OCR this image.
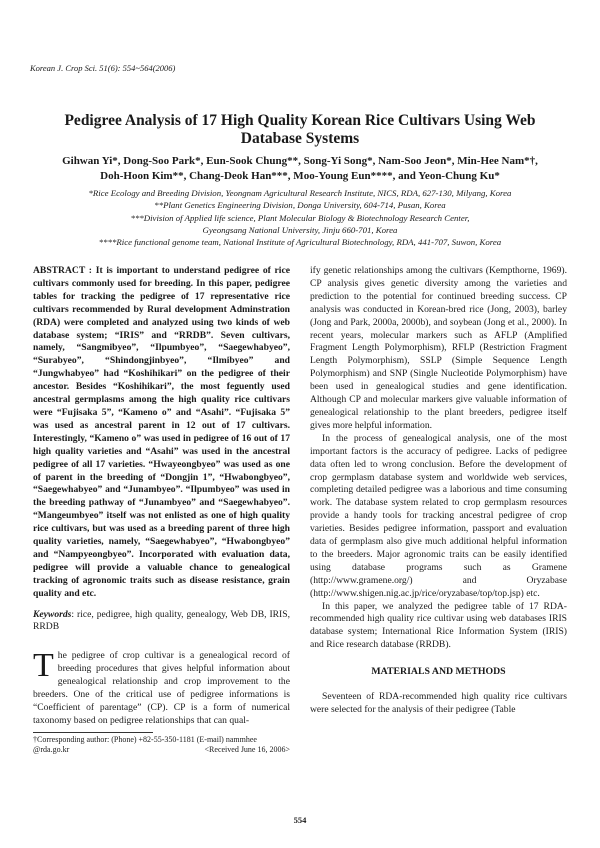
Korean J. Crop Sci. 51(6): 554~564(2006)
Pedigree Analysis of 17 High Quality Korean Rice Cultivars Using Web Database Systems
Gihwan Yi*, Dong-Soo Park*, Eun-Sook Chung**, Song-Yi Song*, Nam-Soo Jeon*, Min-Hee Nam*†, Doh-Hoon Kim**, Chang-Deok Han***, Moo-Young Eun****, and Yeon-Chung Ku*
*Rice Ecology and Breeding Division, Yeongnam Agricultural Research Institute, NICS, RDA, 627-130, Milyang, Korea
**Plant Genetics Engineering Division, Donga University, 604-714, Pusan, Korea
***Division of Applied life science, Plant Molecular Biology & Biotechnology Research Center,
Gyeongsang National University, Jinju 660-701, Korea
****Rice functional genome team, National Institute of Agricultural Biotechnology, RDA, 441-707, Suwon, Korea

ABSTRACT : It is important to understand pedigree of rice cultivars commonly used for breeding. In this paper, pedigree tables for tracking the pedigree of 17 representative rice cultivars recommended by Rural development Adminstration (RDA) were completed and analyzed using two kinds of web database system; “IRIS” and “RRDB”. Seven cultivars, namely, “Sangmibyeo”, “Ilpumbyeo”, “Saegewhabyeo”, “Surabyeo”, “Shindongjinbyeo”, “Ilmibyeo” and “Jungwhabyeo” had “Koshihikari” on the pedigree of their ancestor. Besides “Koshihikari”, the most feguently used ancestral germplasms among the high quality rice cultivars were “Fujisaka 5”, “Kameno o” and “Asahi”. “Fujisaka 5” was used as ancestral parent in 12 out of 17 cultivars. Interestingly, “Kameno o” was used in pedigree of 16 out of 17 high quality varieties and “Asahi” was used in the ancestral pedigree of all 17 varieties. “Hwayeongbyeo” was used as one of parent in the breeding of “Dongjin 1”, “Hwabongbyeo”, “Saegewhabyeo” and “Junambyeo”. “Ilpumbyeo” was used in the breeding pathway of “Junambyeo” and “Saegewhabyeo”. “Mangeumbyeo” itself was not enlisted as one of high quality rice cultivars, but was used as a breeding parent of three high quality varieties, namely, “Saegewhabyeo”, “Hwabongbyeo” and “Nampyeongbyeo”. Incorporated with evaluation data, pedigree will provide a valuable chance to genealogical tracking of agronomic traits such as disease resistance, grain quality and etc.

Keywords: rice, pedigree, high quality, genealogy, Web DB, IRIS, RRDB

The pedigree of crop cultivar is a genealogical record of breeding procedures that gives helpful information about genealogical relationship and crop improvement to the breeders. One of the critical use of pedigree informations is “Coefficient of parentage” (CP). CP is a form of numerical taxonomy based on pedigree relationships that can qual-

†Corresponding author: (Phone) +82-55-350-1181 (E-mail) nammhee
@rda.go.kr	<Received June 16, 2006>

ify genetic relationships among the cultivars (Kempthorne, 1969). CP analysis gives genetic diversity among the varieties and prediction to the potential for continued breeding success. CP analysis was conducted in Korean-bred rice (Jong, 2003), barley (Jong and Park, 2000a, 2000b), and soybean (Jong et al., 2000). In recent years, molecular markers such as AFLP (Amplified Fragment Length Polymorphism), RFLP (Restriction Fragment Length Polymorphism), SSLP (Simple Sequence Length Polymorphism) and SNP (Single Nucleotide Polymorphism) have been used in genealogical studies and gene identification. Although CP and molecular markers give valuable information of genealogical relationship to the plant breeders, pedigree itself gives more helpful information.

In the process of genealogical analysis, one of the most important factors is the accuracy of pedigree. Lacks of pedigree data often led to wrong conclusion. Before the development of crop germplasm database system and worldwide web services, completing detailed pedigree was a laborious and time consuming work. The database system related to crop germplasm resources provide a handy tools for tracking ancestral pedigree of crop varieties. Besides pedigree information, passport and evaluation data of germplasm also give much additional helpful information to the breeders. Major agronomic traits can be easily identified using database programs such as Gramene (http://www.gramene.org/) and Oryzabase (http://www.shigen.nig.ac.jp/rice/oryzabase/top/top.jsp) etc.

In this paper, we analyzed the pedigree table of 17 RDA-recommended high quality rice cultivar using web databases IRIS database system; International Rice Information System (IRIS) and Rice research database (RRDB).

MATERIALS AND METHODS

Seventeen of RDA-recommended high quality rice cultivars were selected for the analysis of their pedigree (Table

554
